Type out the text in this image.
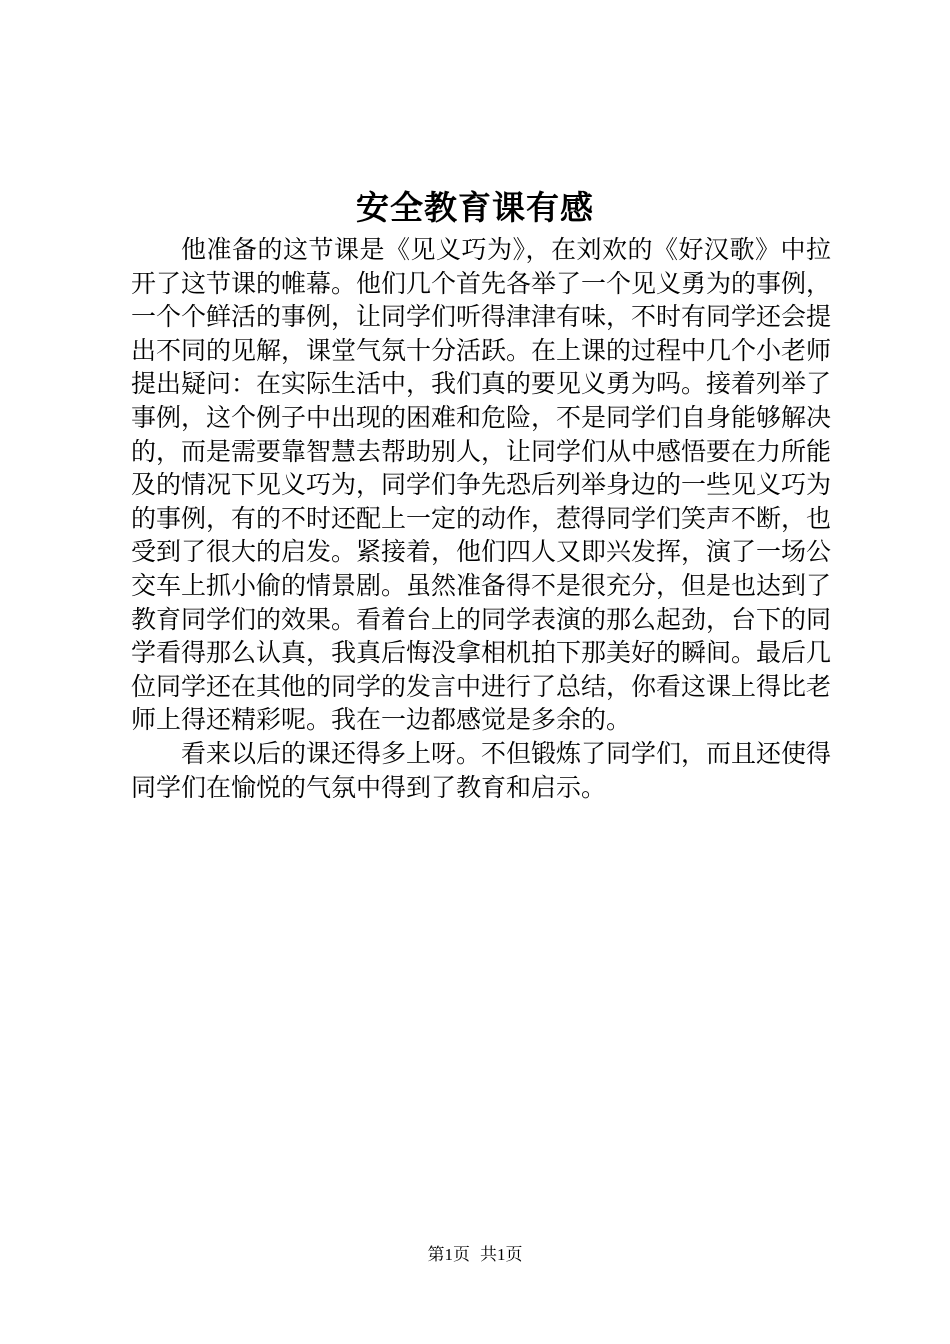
安全教育课有感

他准备的这节课是《见义巧为》，在刘欢的《好汉歌》中拉开了这节课的帷幕。他们几个首先各举了一个见义勇为的事例，一个个鲜活的事例，让同学们听得津津有味，不时有同学还会提出不同的见解，课堂气氛十分活跃。在上课的过程中几个小老师提出疑问：在实际生活中，我们真的要见义勇为吗。接着列举了事例，这个例子中出现的困难和危险，不是同学们自身能够解决的，而是需要靠智慧去帮助别人，让同学们从中感悟要在力所能及的情况下见义巧为，同学们争先恐后列举身边的一些见义巧为的事例，有的不时还配上一定的动作，惹得同学们笑声不断，也受到了很大的启发。紧接着，他们四人又即兴发挥，演了一场公交车上抓小偷的情景剧。虽然准备得不是很充分，但是也达到了教育同学们的效果。看着台上的同学表演的那么起劲，台下的同学看得那么认真，我真后悔没拿相机拍下那美好的瞬间。最后几位同学还在其他的同学的发言中进行了总结，你看这课上得比老师上得还精彩呢。我在一边都感觉是多余的。

看来以后的课还得多上呀。不但锻炼了同学们，而且还使得同学们在愉悦的气氛中得到了教育和启示。

第1页 共1页
